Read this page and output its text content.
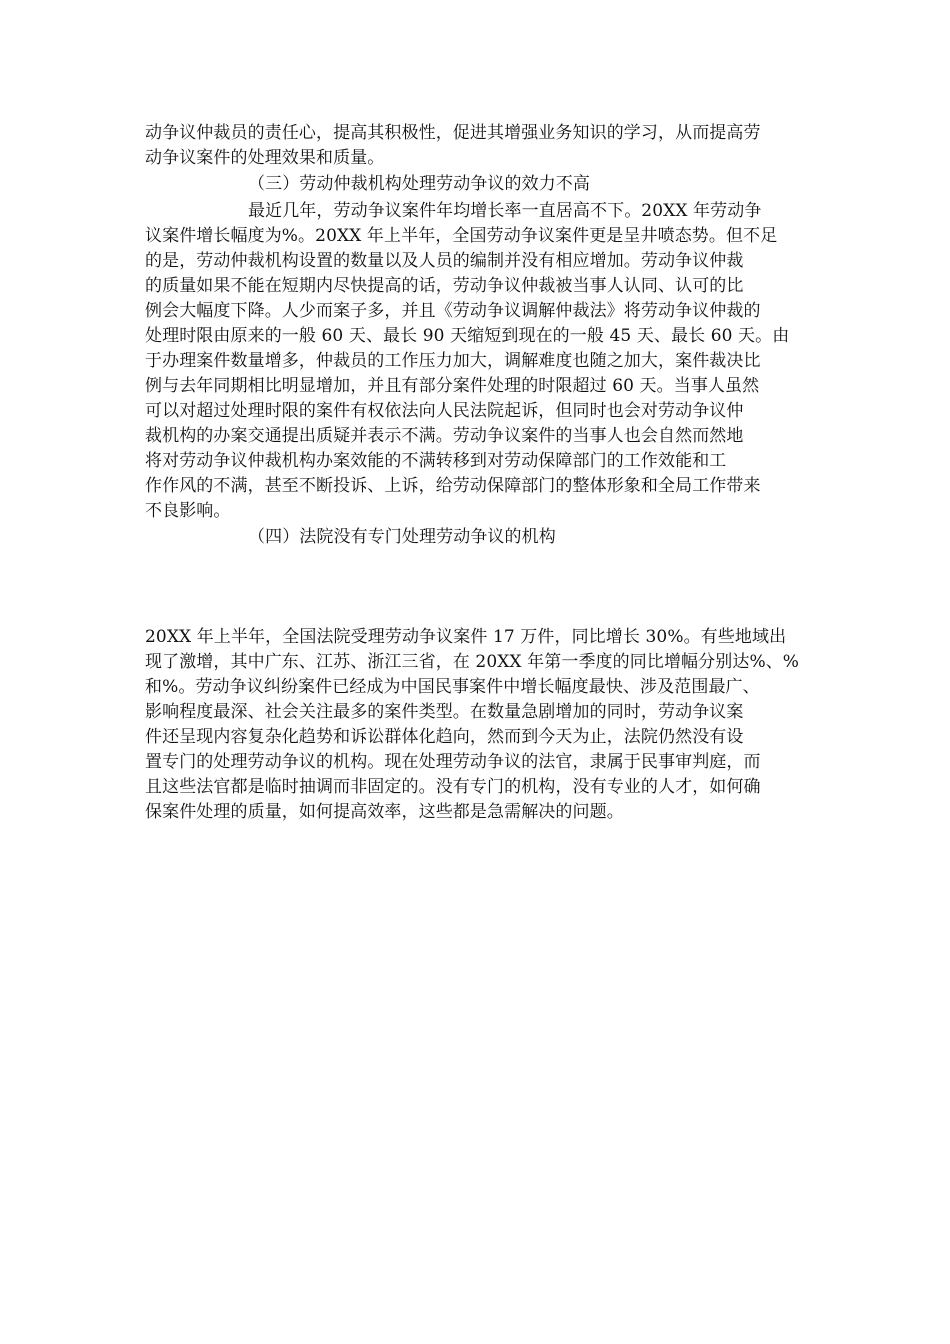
动争议仲裁员的责任心，提高其积极性，促进其增强业务知识的学习，从而提高劳
动争议案件的处理效果和质量。
（三）劳动仲裁机构处理劳动争议的效力不高
最近几年，劳动争议案件年均增长率一直居高不下。20XX 年劳动争
议案件增长幅度为%。20XX 年上半年，全国劳动争议案件更是呈井喷态势。但不足
的是，劳动仲裁机构设置的数量以及人员的编制并没有相应增加。劳动争议仲裁
的质量如果不能在短期内尽快提高的话，劳动争议仲裁被当事人认同、认可的比
例会大幅度下降。人少而案子多，并且《劳动争议调解仲裁法》将劳动争议仲裁的
处理时限由原来的一般 60 天、最长 90 天缩短到现在的一般 45 天、最长 60 天。由
于办理案件数量增多，仲裁员的工作压力加大，调解难度也随之加大，案件裁决比
例与去年同期相比明显增加，并且有部分案件处理的时限超过 60 天。当事人虽然
可以对超过处理时限的案件有权依法向人民法院起诉，但同时也会对劳动争议仲
裁机构的办案交通提出质疑并表示不满。劳动争议案件的当事人也会自然而然地
将对劳动争议仲裁机构办案效能的不满转移到对劳动保障部门的工作效能和工
作作风的不满，甚至不断投诉、上诉，给劳动保障部门的整体形象和全局工作带来
不良影响。
（四）法院没有专门处理劳动争议的机构
20XX 年上半年，全国法院受理劳动争议案件 17 万件，同比增长 30%。有些地域出
现了激增，其中广东、江苏、浙江三省，在 20XX 年第一季度的同比增幅分别达%、%
和%。劳动争议纠纷案件已经成为中国民事案件中增长幅度最快、涉及范围最广、
影响程度最深、社会关注最多的案件类型。在数量急剧增加的同时，劳动争议案
件还呈现内容复杂化趋势和诉讼群体化趋向，然而到今天为止，法院仍然没有设
置专门的处理劳动争议的机构。现在处理劳动争议的法官，隶属于民事审判庭，而
且这些法官都是临时抽调而非固定的。没有专门的机构，没有专业的人才，如何确
保案件处理的质量，如何提高效率，这些都是急需解决的问题。
